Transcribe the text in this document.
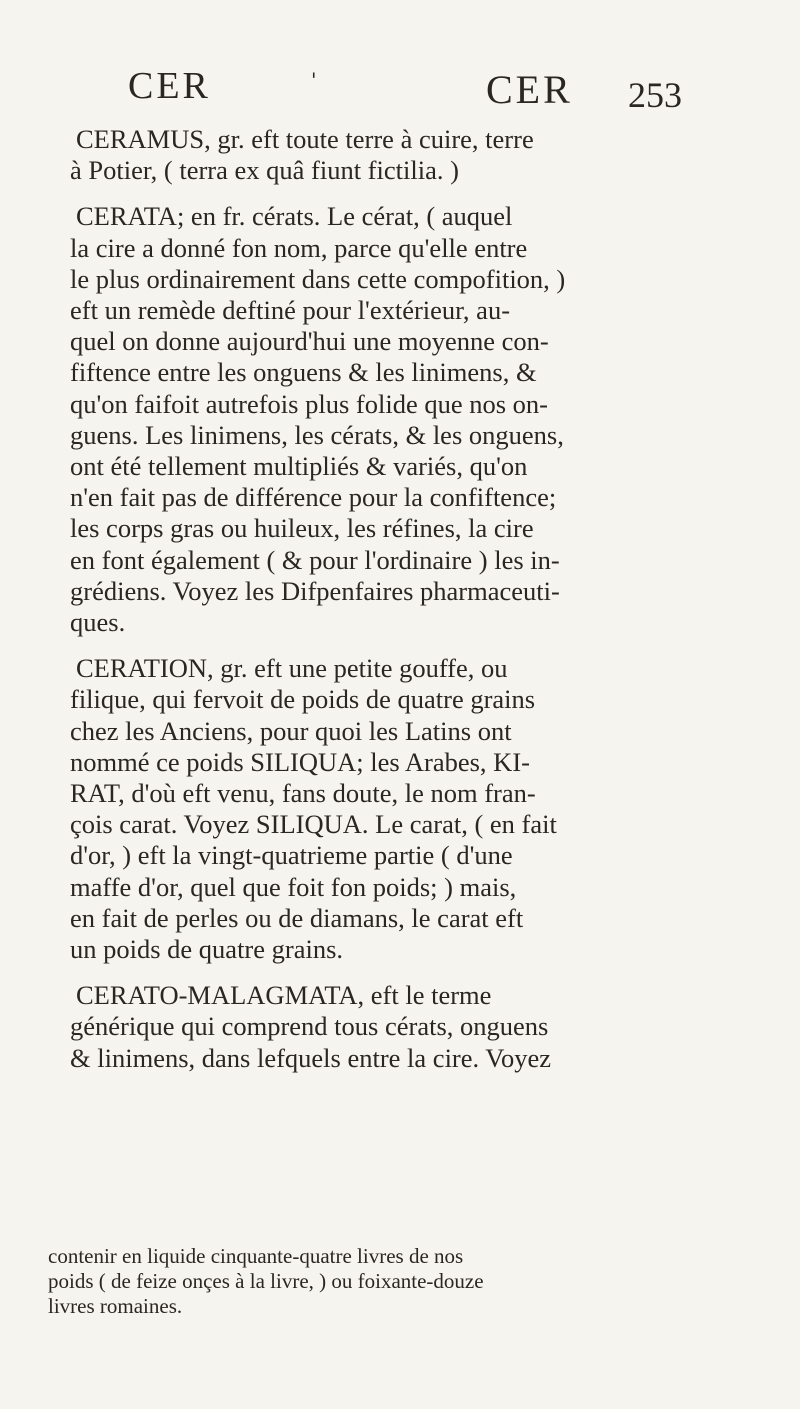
CER	'	CER 253
CERAMUS, gr. eft toute terre à cuire, terre
à Potier, ( terra ex quâ fiunt fictilia. )
CERATA; en fr. cérats. Le cérat, ( auquel
la cire a donné fon nom, parce qu'elle entre
le plus ordinairement dans cette compofition, )
eft un remède deftiné pour l'extérieur, au-
quel on donne aujourd'hui une moyenne con-
fiftence entre les onguens & les linimens, &
qu'on faifoit autrefois plus folide que nos on-
guens. Les linimens, les cérats, & les onguens,
ont été tellement multipliés & variés, qu'on
n'en fait pas de différence pour la confiftence;
les corps gras ou huileux, les réfines, la cire
en font également ( & pour l'ordinaire ) les in-
grédiens. Voyez les Difpenfaires pharmaceuti-
ques.
CERATION, gr. eft une petite gouffe, ou
filique, qui fervoit de poids de quatre grains
chez les Anciens, pour quoi les Latins ont
nommé ce poids SILIQUA; les Arabes, KI-
RAT, d'où eft venu, fans doute, le nom fran-
çois carat. Voyez SILIQUA. Le carat, ( en fait
d'or, ) eft la vingt-quatrieme partie ( d'une
maffe d'or, quel que foit fon poids; ) mais,
en fait de perles ou de diamans, le carat eft
un poids de quatre grains.
CERATO-MALAGMATA, eft le terme
générique qui comprend tous cérats, onguens
& linimens, dans lefquels entre la cire. Voyez
contenir en liquide cinquante-quatre livres de nos
poids ( de feize onçes à la livre, ) ou foixante-douze
livres romaines.
